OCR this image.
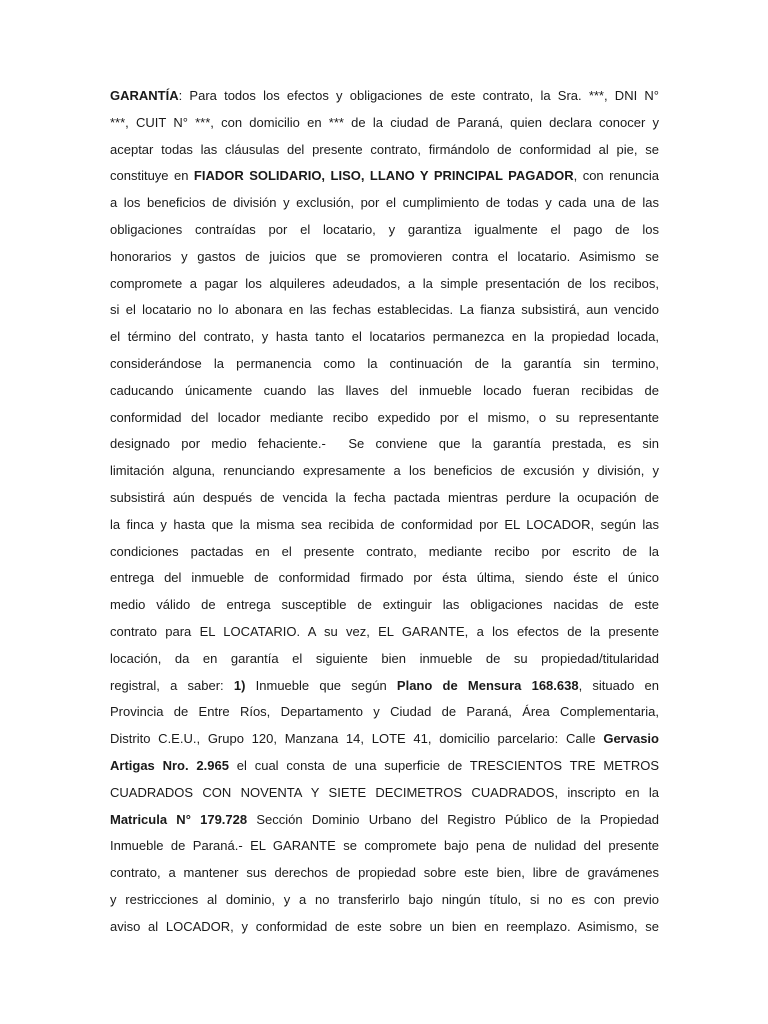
GARANTÍA: Para todos los efectos y obligaciones de este contrato, la Sra. ***, DNI N°
***, CUIT N° ***, con domicilio en *** de la ciudad de Paraná, quien declara conocer y
aceptar todas las cláusulas del presente contrato, firmándolo de conformidad al pie, se
constituye en FIADOR SOLIDARIO, LISO, LLANO Y PRINCIPAL PAGADOR, con renuncia
a los beneficios de división y exclusión, por el cumplimiento de todas y cada una de las
obligaciones contraídas por el locatario, y garantiza igualmente el pago de los
honorarios y gastos de juicios que se promovieren contra el locatario. Asimismo se
compromete a pagar los alquileres adeudados, a la simple presentación de los recibos,
si el locatario no lo abonara en las fechas establecidas. La fianza subsistirá, aun vencido
el término del contrato, y hasta tanto el locatarios permanezca en la propiedad locada,
considerándose la permanencia como la continuación de la garantía sin termino,
caducando únicamente cuando las llaves del inmueble locado fueran recibidas de
conformidad del locador mediante recibo expedido por el mismo, o su representante
designado por medio fehaciente.-  Se conviene que la garantía prestada, es sin
limitación alguna, renunciando expresamente a los beneficios de excusión y división, y
subsistirá aún después de vencida la fecha pactada mientras perdure la ocupación de
la finca y hasta que la misma sea recibida de conformidad por EL LOCADOR, según las
condiciones pactadas en el presente contrato, mediante recibo por escrito de la
entrega del inmueble de conformidad firmado por ésta última, siendo éste el único
medio válido de entrega susceptible de extinguir las obligaciones nacidas de este
contrato para EL LOCATARIO. A su vez, EL GARANTE, a los efectos de la presente
locación, da en garantía el siguiente bien inmueble de su propiedad/titularidad
registral, a saber: 1) Inmueble que según Plano de Mensura 168.638, situado en
Provincia de Entre Ríos, Departamento y Ciudad de Paraná, Área Complementaria,
Distrito C.E.U., Grupo 120, Manzana 14, LOTE 41, domicilio parcelario: Calle Gervasio
Artigas Nro. 2.965 el cual consta de una superficie de TRESCIENTOS TRE METROS
CUADRADOS CON NOVENTA Y SIETE DECIMETROS CUADRADOS, inscripto en la
Matricula N° 179.728 Sección Dominio Urbano del Registro Público de la Propiedad
Inmueble de Paraná.- EL GARANTE se compromete bajo pena de nulidad del presente
contrato, a mantener sus derechos de propiedad sobre este bien, libre de gravámenes
y restricciones al dominio, y a no transferirlo bajo ningún título, si no es con previo
aviso al LOCADOR, y conformidad de este sobre un bien en reemplazo. Asimismo, se
